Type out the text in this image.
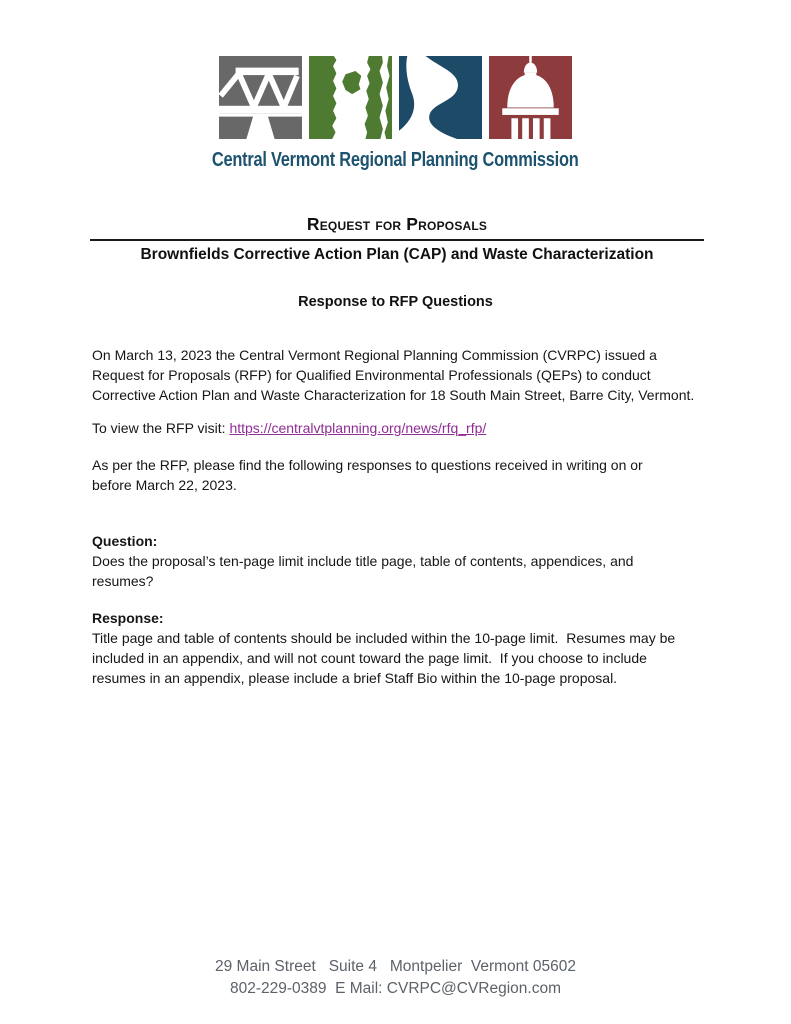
Central Vermont Regional Planning Commission
Request for Proposals
Brownfields Corrective Action Plan (CAP) and Waste Characterization
Response to RFP Questions
On March 13, 2023 the Central Vermont Regional Planning Commission (CVRPC) issued a
Request for Proposals (RFP) for Qualified Environmental Professionals (QEPs) to conduct
Corrective Action Plan and Waste Characterization for 18 South Main Street, Barre City, Vermont.
To view the RFP visit: https://centralvtplanning.org/news/rfq_rfp/
As per the RFP, please find the following responses to questions received in writing on or
before March 22, 2023.
Question:
Does the proposal’s ten-page limit include title page, table of contents, appendices, and
resumes?
Response:
Title page and table of contents should be included within the 10-page limit.  Resumes may be
included in an appendix, and will not count toward the page limit.  If you choose to include
resumes in an appendix, please include a brief Staff Bio within the 10-page proposal.
29 Main Street   Suite 4   Montpelier  Vermont 05602
802-229-0389  E Mail: CVRPC@CVRegion.com
